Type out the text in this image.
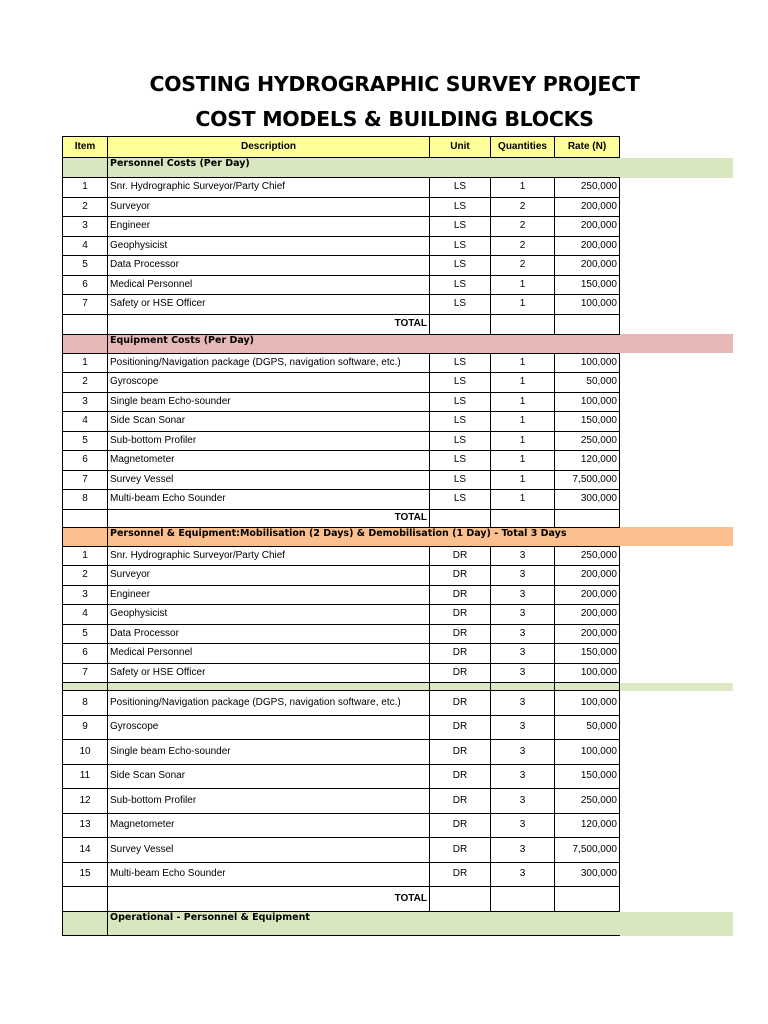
COSTING HYDROGRAPHIC SURVEY PROJECT
COST MODELS & BUILDING BLOCKS
Item	Description	Unit	Quantities	Rate (N)
	Personnel Costs (Per Day)			
1	Snr. Hydrographic Surveyor/Party Chief	LS	1	250,000
2	Surveyor	LS	2	200,000
3	Engineer	LS	2	200,000
4	Geophysicist	LS	2	200,000
5	Data Processor	LS	2	200,000
6	Medical Personnel	LS	1	150,000
7	Safety or HSE Officer	LS	1	100,000
	TOTAL			
	Equipment Costs (Per Day)			
1	Positioning/Navigation package (DGPS, navigation software, etc.)	LS	1	100,000
2	Gyroscope	LS	1	50,000
3	Single beam Echo-sounder	LS	1	100,000
4	Side Scan Sonar	LS	1	150,000
5	Sub-bottom Profiler	LS	1	250,000
6	Magnetometer	LS	1	120,000
7	Survey Vessel	LS	1	7,500,000
8	Multi-beam Echo Sounder	LS	1	300,000
	TOTAL			
	Personnel & Equipment:Mobilisation (2 Days) & Demobilisation (1 Day) - Total 3 Days			
1	Snr. Hydrographic Surveyor/Party Chief	DR	3	250,000
2	Surveyor	DR	3	200,000
3	Engineer	DR	3	200,000
4	Geophysicist	DR	3	200,000
5	Data Processor	DR	3	200,000
6	Medical Personnel	DR	3	150,000
7	Safety or HSE Officer	DR	3	100,000

8	Positioning/Navigation package (DGPS, navigation software, etc.)	DR	3	100,000
9	Gyroscope	DR	3	50,000
10	Single beam Echo-sounder	DR	3	100,000
11	Side Scan Sonar	DR	3	150,000
12	Sub-bottom Profiler	DR	3	250,000
13	Magnetometer	DR	3	120,000
14	Survey Vessel	DR	3	7,500,000
15	Multi-beam Echo Sounder	DR	3	300,000
	TOTAL			
	Operational - Personnel & Equipment			
